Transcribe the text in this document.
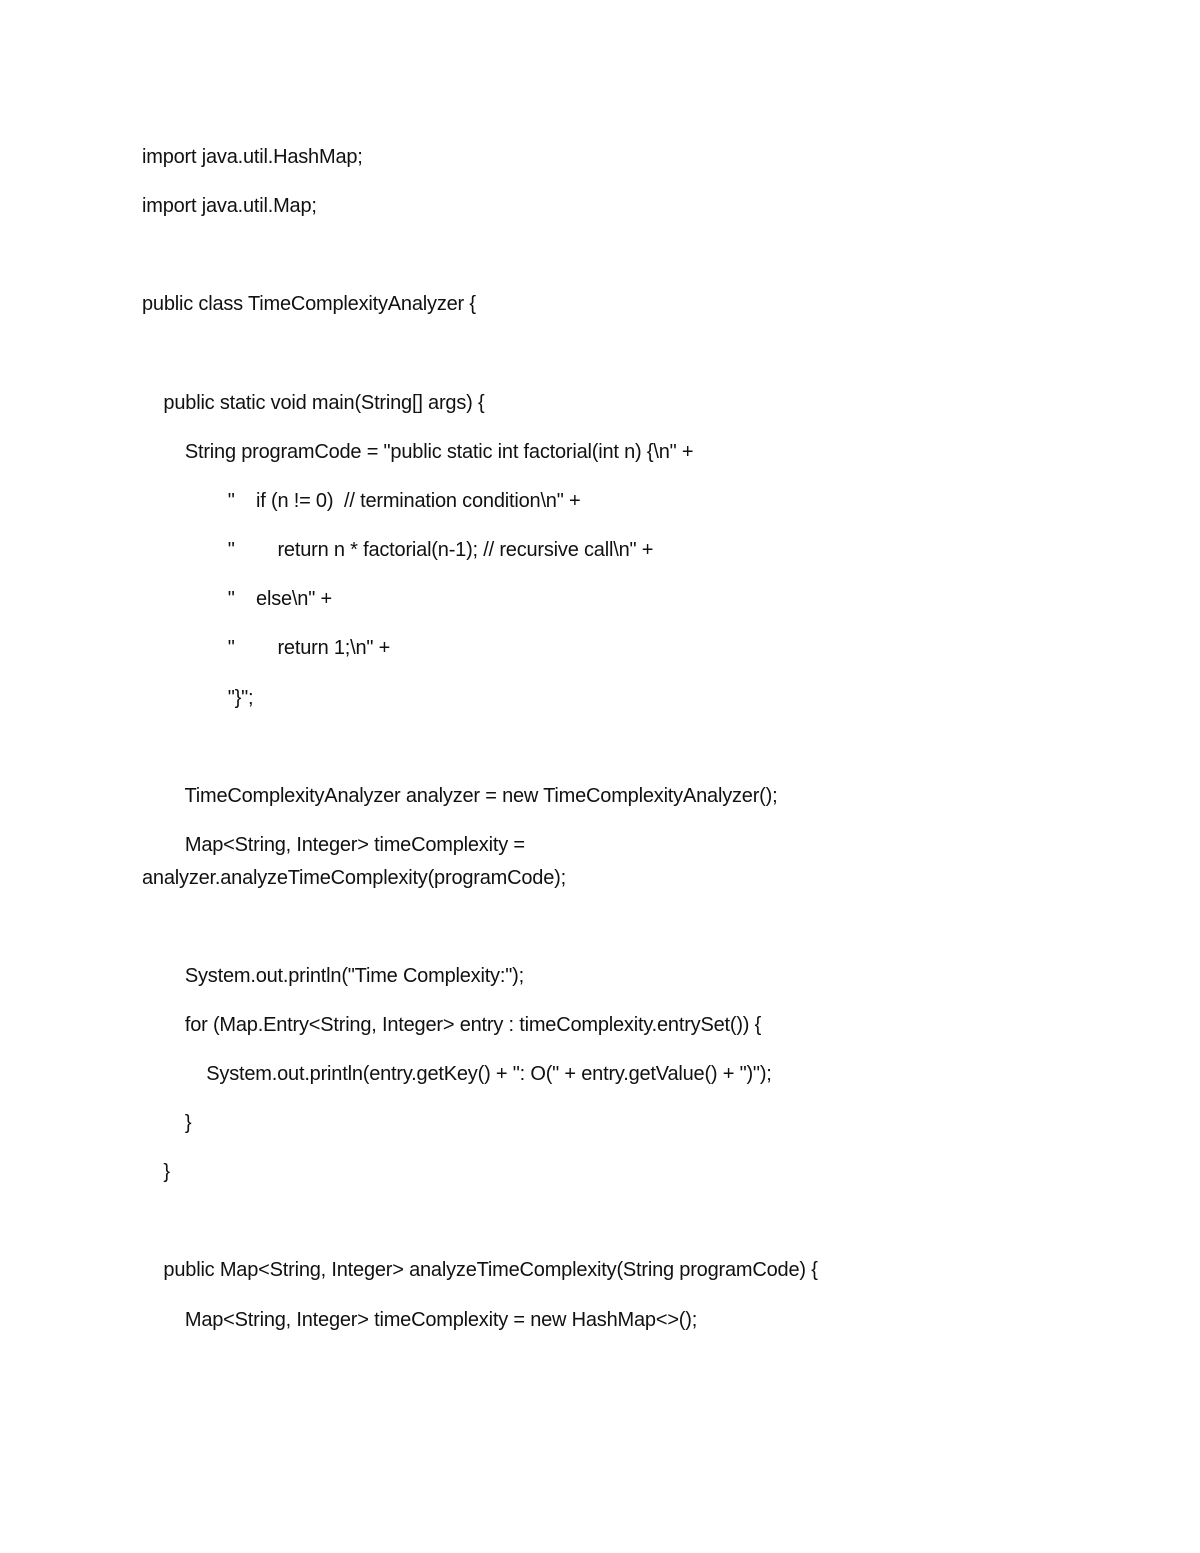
import java.util.HashMap;
import java.util.Map;
public class TimeComplexityAnalyzer {
public static void main(String[] args) {
String programCode = "public static int factorial(int n) {\n" +
"    if (n != 0)  // termination condition\n" +
"        return n * factorial(n-1); // recursive call\n" +
"    else\n" +
"        return 1;\n" +
"}";
TimeComplexityAnalyzer analyzer = new TimeComplexityAnalyzer();
Map<String, Integer> timeComplexity =
analyzer.analyzeTimeComplexity(programCode);
System.out.println("Time Complexity:");
for (Map.Entry<String, Integer> entry : timeComplexity.entrySet()) {
System.out.println(entry.getKey() + ": O(" + entry.getValue() + ")");
}
}
public Map<String, Integer> analyzeTimeComplexity(String programCode) {
Map<String, Integer> timeComplexity = new HashMap<>();
